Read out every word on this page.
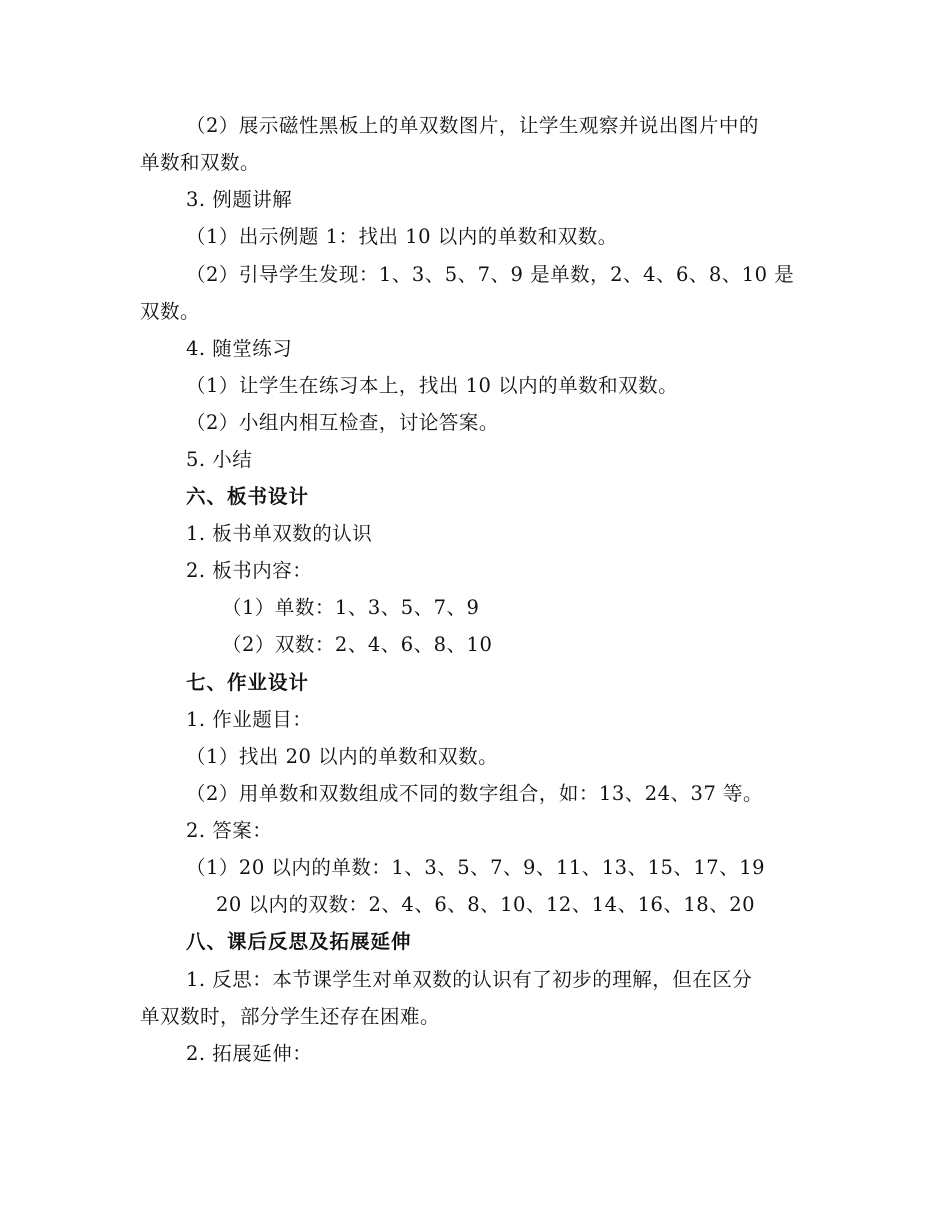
（2）展示磁性黑板上的单双数图片，让学生观察并说出图片中的
单数和双数。
3. 例题讲解
（1）出示例题 1：找出 10 以内的单数和双数。
（2）引导学生发现：1、3、5、7、9 是单数，2、4、6、8、10 是
双数。
4. 随堂练习
（1）让学生在练习本上，找出 10 以内的单数和双数。
（2）小组内相互检查，讨论答案。
5. 小结
六、板书设计
1. 板书单双数的认识
2. 板书内容：
（1）单数：1、3、5、7、9
（2）双数：2、4、6、8、10
七、作业设计
1. 作业题目：
（1）找出 20 以内的单数和双数。
（2）用单数和双数组成不同的数字组合，如：13、24、37 等。
2. 答案：
（1）20 以内的单数：1、3、5、7、9、11、13、15、17、19
20 以内的双数：2、4、6、8、10、12、14、16、18、20
八、课后反思及拓展延伸
1. 反思：本节课学生对单双数的认识有了初步的理解，但在区分
单双数时，部分学生还存在困难。
2. 拓展延伸：
